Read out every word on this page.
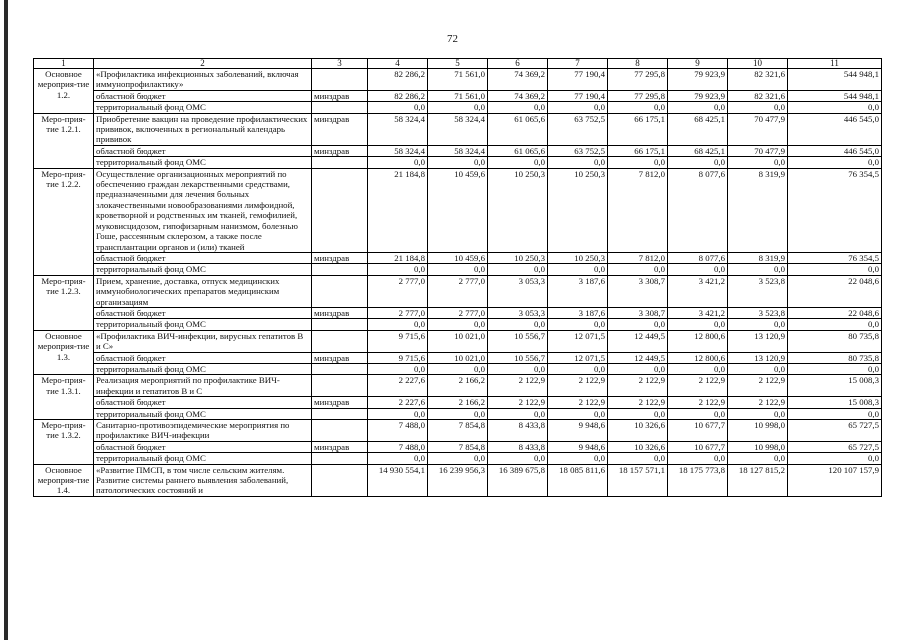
72
1	2	3	4	5	6	7	8	9	10	11
Основное мероприя-тие 1.2.	«Профилактика инфекционных заболеваний, включая иммунопрофилактику»		82 286,2	71 561,0	74 369,2	77 190,4	77 295,8	79 923,9	82 321,6	544 948,1
	областной бюджет	минздрав	82 286,2	71 561,0	74 369,2	77 190,4	77 295,8	79 923,9	82 321,6	544 948,1
	территориальный фонд ОМС		0,0	0,0	0,0	0,0	0,0	0,0	0,0	0,0
Меро-прия-тие 1.2.1.	Приобретение вакцин на проведение профилактических прививок, включенных в региональный календарь прививок	минздрав	58 324,4	58 324,4	61 065,6	63 752,5	66 175,1	68 425,1	70 477,9	446 545,0
	областной бюджет	минздрав	58 324,4	58 324,4	61 065,6	63 752,5	66 175,1	68 425,1	70 477,9	446 545,0
	территориальный фонд ОМС		0,0	0,0	0,0	0,0	0,0	0,0	0,0	0,0
Меро-прия-тие 1.2.2.	Осуществление организационных мероприятий по обеспечению граждан лекарственными средствами, предназначенными для лечения больных злокачественными новообразованиями лимфоидной, кроветворной и родственных им тканей, гемофилией, муковисцидозом, гипофизарным нанизмом, болезнью Гоше, рассеянным склерозом, а также после трансплантации органов и (или) тканей		21 184,8	10 459,6	10 250,3	10 250,3	7 812,0	8 077,6	8 319,9	76 354,5
	областной бюджет	минздрав	21 184,8	10 459,6	10 250,3	10 250,3	7 812,0	8 077,6	8 319,9	76 354,5
	территориальный фонд ОМС		0,0	0,0	0,0	0,0	0,0	0,0	0,0	0,0
Меро-прия-тие 1.2.3.	Прием, хранение, доставка, отпуск медицинских иммунобиологических препаратов медицинским организациям		2 777,0	2 777,0	3 053,3	3 187,6	3 308,7	3 421,2	3 523,8	22 048,6
	областной бюджет	минздрав	2 777,0	2 777,0	3 053,3	3 187,6	3 308,7	3 421,2	3 523,8	22 048,6
	территориальный фонд ОМС		0,0	0,0	0,0	0,0	0,0	0,0	0,0	0,0
Основное мероприя-тие 1.3.	«Профилактика ВИЧ-инфекции, вирусных гепатитов В и С»		9 715,6	10 021,0	10 556,7	12 071,5	12 449,5	12 800,6	13 120,9	80 735,8
	областной бюджет	минздрав	9 715,6	10 021,0	10 556,7	12 071,5	12 449,5	12 800,6	13 120,9	80 735,8
	территориальный фонд ОМС		0,0	0,0	0,0	0,0	0,0	0,0	0,0	0,0
Меро-прия-тие 1.3.1.	Реализация мероприятий по профилактике ВИЧ-инфекции и гепатитов В и С		2 227,6	2 166,2	2 122,9	2 122,9	2 122,9	2 122,9	2 122,9	15 008,3
	областной бюджет	минздрав	2 227,6	2 166,2	2 122,9	2 122,9	2 122,9	2 122,9	2 122,9	15 008,3
	территориальный фонд ОМС		0,0	0,0	0,0	0,0	0,0	0,0	0,0	0,0
Меро-прия-тие 1.3.2.	Санитарно-противоэпидемические мероприятия по профилактике ВИЧ-инфекции		7 488,0	7 854,8	8 433,8	9 948,6	10 326,6	10 677,7	10 998,0	65 727,5
	областной бюджет	минздрав	7 488,0	7 854,8	8 433,8	9 948,6	10 326,6	10 677,7	10 998,0	65 727,5
	территориальный фонд ОМС		0,0	0,0	0,0	0,0	0,0	0,0	0,0	0,0
Основное мероприя-тие 1.4.	«Развитие ПМСП, в том числе сельским жителям. Развитие системы раннего выявления заболеваний, патологических состояний и		14 930 554,1	16 239 956,3	16 389 675,8	18 085 811,6	18 157 571,1	18 175 773,8	18 127 815,2	120 107 157,9
